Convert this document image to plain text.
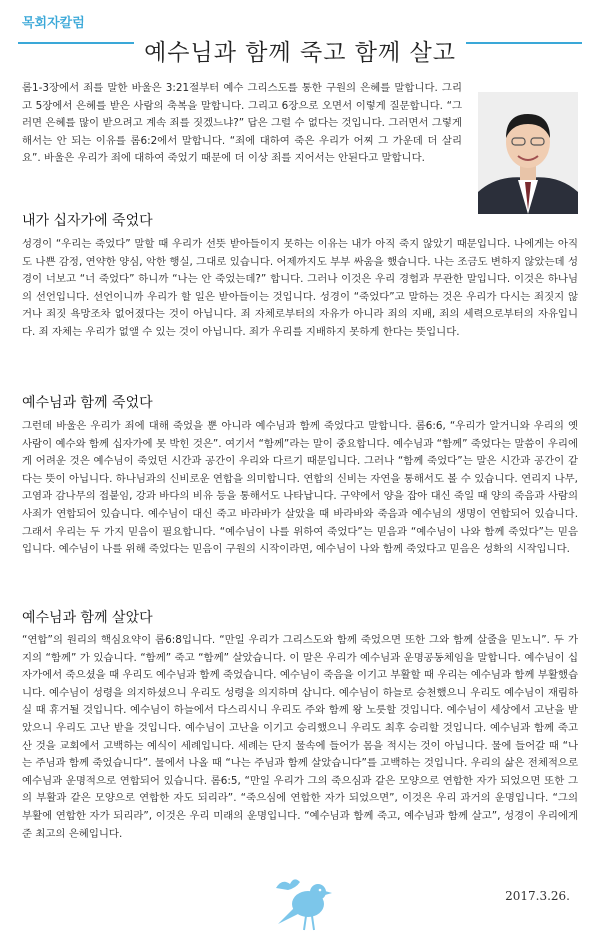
목회자칼럼
예수님과 함께 죽고 함께 살고
롬1-3장에서 죄를 말한 바울은 3:21절부터 예수 그리스도를 통한 구원의 은혜를 말합니다. 그리고 5장에서 은혜를 받은 사람의 축복을 말합니다. 그리고 6장으로 오면서 이렇게 질문합니다. “그러면 은혜를 많이 받으려고 계속 죄를 짓겠느냐?” 답은 그럴 수 없다는 것입니다. 그러면서 그렇게 해서는 안 되는 이유를 롬6:2에서 말합니다. “죄에 대하여 죽은 우리가 어찌 그 가운데 더 살리요”. 바울은 우리가 죄에 대하여 죽었기 때문에 더 이상 죄를 지어서는 안된다고 말합니다.
내가 십자가에 죽었다
성경이 “우리는 죽었다” 말할 때 우리가 선뜻 받아들이지 못하는 이유는 내가 아직 죽지 않았기 때문입니다. 나에게는 아직도 나쁜 감정, 연약한 양심, 악한 행실, 그대로 있습니다. 어제까지도 부부 싸움을 했습니다. 나는 조금도 변하지 않았는데 성경이 너보고 “너 죽었다” 하니까 “나는 안 죽었는데?” 합니다. 그러나 이것은 우리 경험과 무관한 말입니다. 이것은 하나님의 선언입니다. 선언이니까 우리가 할 일은 받아들이는 것입니다. 성경이 “죽었다”고 말하는 것은 우리가 다시는 죄짓지 않거나 죄짓 욕망조차 없어졌다는 것이 아닙니다. 죄 자체로부터의 자유가 아니라 죄의 지배, 죄의 세력으로부터의 자유입니다. 죄 자체는 우리가 없앨 수 있는 것이 아닙니다. 죄가 우리를 지배하지 못하게 한다는 뜻입니다.
예수님과 함께 죽었다
그런데 바울은 우리가 죄에 대해 죽었을 뿐 아니라 예수님과 함께 죽었다고 말합니다. 롬6:6, “우리가 알거니와 우리의 옛 사람이 예수와 함께 십자가에 못 박힌 것은”. 여기서 “함께”라는 말이 중요합니다. 예수님과 “함께” 죽었다는 말씀이 우리에게 어려운 것은 예수님이 죽었던 시간과 공간이 우리와 다르기 때문입니다. 그러나 “함께 죽었다”는 말은 시간과 공간이 같다는 뜻이 아닙니다. 하나님과의 신비로운 연합을 의미합니다. 연합의 신비는 자연을 통해서도 볼 수 있습니다. 연리지 나무, 고염과 감나무의 접붙임, 강과 바다의 비유 등을 통해서도 나타납니다. 구약에서 양을 잡아 대신 죽일 때 양의 죽음과 사람의 사죄가 연합되어 있습니다. 예수님이 대신 죽고 바라바가 살았을 때 바라바와 죽음과 예수님의 생명이 연합되어 있습니다. 그래서 우리는 두 가지 믿음이 필요합니다. “예수님이 나를 위하여 죽었다”는 믿음과 “예수님이 나와 함께 죽었다”는 믿음입니다. 예수님이 나를 위해 죽었다는 믿음이 구원의 시작이라면, 예수님이 나와 함께 죽었다고 믿음은 성화의 시작입니다.
예수님과 함께 살았다
“연합”의 원리의 핵심요약이 롬6:8입니다. “만일 우리가 그리스도와 함께 죽었으면 또한 그와 함께 살줄을 믿노니”. 두 가지의 “함께” 가 있습니다. “함께” 죽고 “함께” 살았습니다. 이 말은 우리가 예수님과 운명공동체임을 말합니다. 예수님이 십자가에서 죽으셨을 때 우리도 예수님과 함께 죽었습니다. 예수님이 죽음을 이기고 부활할 때 우리는 예수님과 함께 부활했습니다. 예수님이 성령을 의지하셨으니 우리도 성령을 의지하며 삽니다. 예수님이 하늘로 승천했으니 우리도 예수님이 재림하실 때 휴거될 것입니다. 예수님이 하늘에서 다스리시니 우리도 주와 함께 왕 노릇할 것입니다. 예수님이 세상에서 고난을 받았으니 우리도 고난 받을 것입니다. 예수님이 고난을 이기고 승리했으니 우리도 최후 승리할 것입니다. 예수님과 함께 죽고 산 것을 교회에서 고백하는 예식이 세례입니다. 세례는 단지 물속에 들어가 몸을 적시는 것이 아닙니다. 물에 들어갈 때 “나는 주님과 함께 죽었습니다”. 물에서 나올 때 “나는 주님과 함께 살았습니다”를 고백하는 것입니다. 우리의 삶은 전체적으로 예수님과 운명적으로 연합되어 있습니다. 롬6:5, “만일 우리가 그의 죽으심과 같은 모양으로 연합한 자가 되었으면 또한 그의 부활과 같은 모양으로 연합한 자도 되리라”. “죽으심에 연합한 자가 되었으면”, 이것은 우리 과거의 운명입니다. “그의 부활에 연합한 자가 되리라”, 이것은 우리 미래의 운명입니다. “예수님과 함께 죽고, 예수님과 함께 살고”, 성경이 우리에게 준 최고의 은혜입니다.
2017.3.26.
